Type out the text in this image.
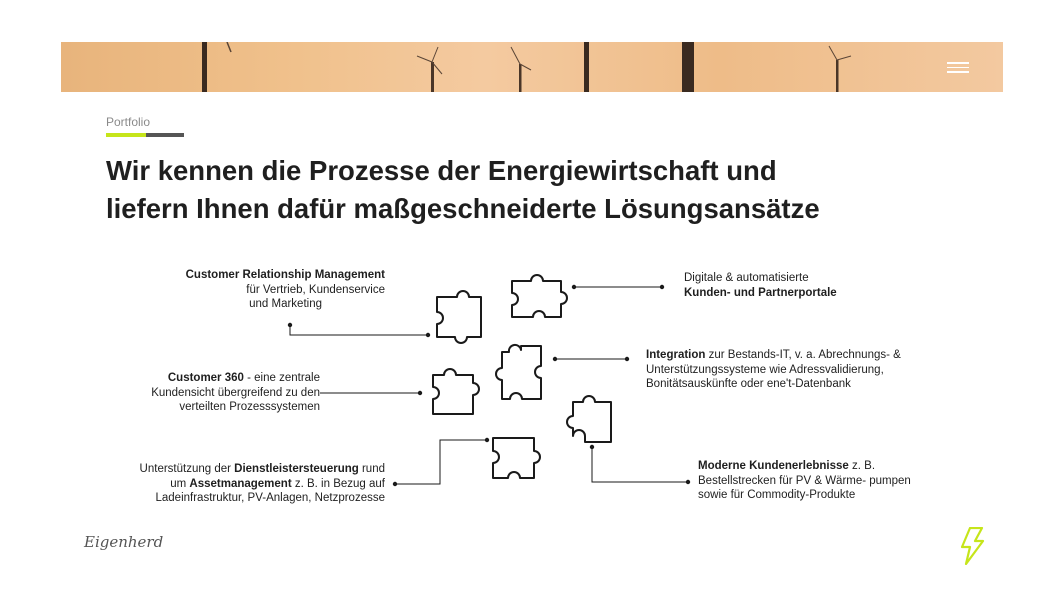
Portfolio
Wir kennen die Prozesse der Energiewirtschaft und
liefern Ihnen dafür maßgeschneiderte Lösungsansätze
Customer Relationship Management
für Vertrieb, Kundenservice
und Marketing
Digitale & automatisierte
Kunden- und Partnerportale
Customer 360 - eine zentrale
Kundensicht übergreifend zu den
verteilten Prozesssystemen
Integration zur Bestands-IT, v. a. Abrechnungs- &
Unterstützungssysteme wie Adressvalidierung,
Bonitätsauskünfte oder ene't-Datenbank
Unterstützung der Dienstleistersteuerung rund
um Assetmanagement z. B. in Bezug auf
Ladeinfrastruktur, PV-Anlagen, Netzprozesse
Moderne Kundenerlebnisse z. B.
Bestellstrecken für PV & Wärme- pumpen
sowie für Commodity-Produkte
Eigenherd
